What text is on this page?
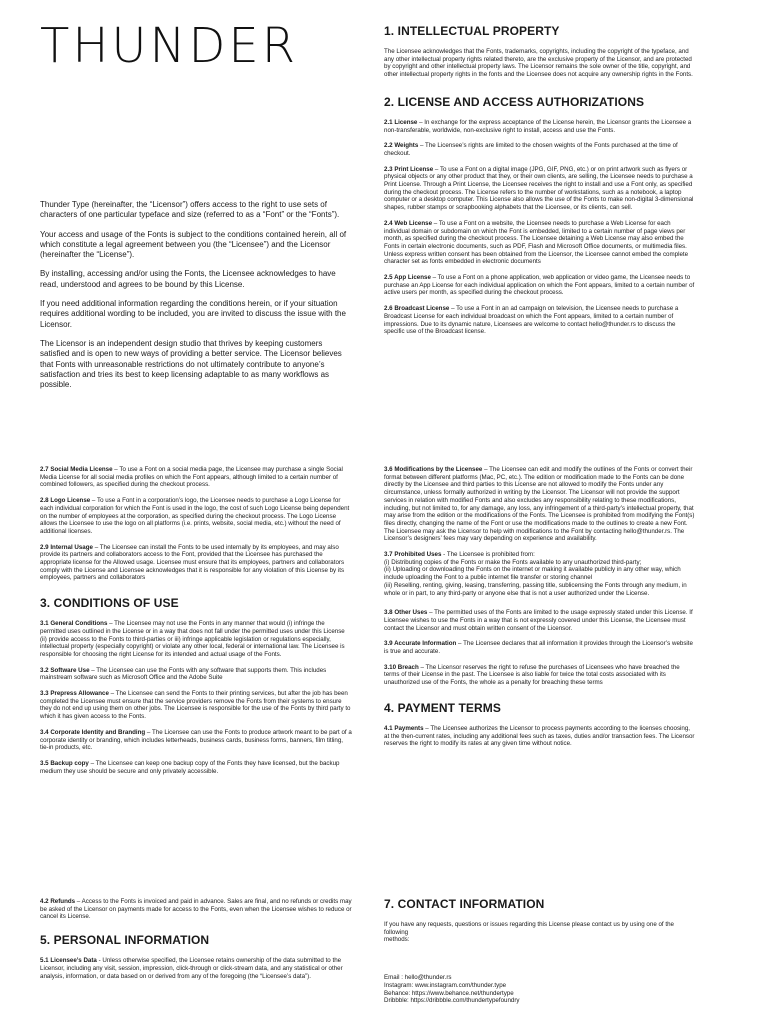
THUNDER

Thunder Type (hereinafter, the “Licensor”) offers access to the right to use sets of characters of one particular typeface and size (referred to as a “Font” or the “Fonts”).

Your access and usage of the Fonts is subject to the conditions contained herein, all of which constitute a legal agreement between you (the “Licensee”) and the Licensor (hereinafter the “License”).

By installing, accessing and/or using the Fonts, the Licensee acknowledges to have read, understood and agrees to be bound by this License.

If you need additional information regarding the conditions herein, or if your situation requires additional wording to be included, you are invited to discuss the issue with the Licensor.

The Licensor is an independent design studio that thrives by keeping customers satisfied and is open to new ways of providing a better service. The Licensor believes that Fonts with unreasonable restrictions do not ultimately contribute to anyone’s satisfaction and tries its best to keep licensing adaptable to as many workflows as possible.

1. INTELLECTUAL PROPERTY

The Licensee acknowledges that the Fonts, trademarks, copyrights, including the copyright of the typeface, and any other intellectual property rights related thereto, are the exclusive property of the Licensor, and are protected by copyright and other intellectual property laws. The Licensor remains the sole owner of the title, copyright, and other intellectual property rights in the fonts and the Licensee does not acquire any ownership rights in the Fonts.

2. LICENSE AND ACCESS AUTHORIZATIONS

2.1 License – In exchange for the express acceptance of the License herein, the Licensor grants the Licensee a non-transferable, worldwide, non-exclusive right to install, access and use the Fonts.

2.2 Weights – The Licensee’s rights are limited to the chosen weights of the Fonts purchased at the time of checkout.

2.3 Print License – To use a Font on a digital image (JPG, GIF, PNG, etc.) or on print artwork such as flyers or physical objects or any other product that they, or their own clients, are selling, the Licensee needs to purchase a Print License. Through a Print License, the Licensee receives the right to install and use a Font only, as specified during the checkout process. The License refers to the number of workstations, such as a notebook, a laptop computer or a desktop computer. This License also allows the use of the Fonts to make non-digital 3-dimensional shapes, rubber stamps or scrapbooking alphabets that the Licensee, or its clients, can sell.

2.4 Web License – To use a Font on a website, the Licensee needs to purchase a Web License for each individual domain or subdomain on which the Font is embedded, limited to a certain number of page views per month, as specified during the checkout process. The Licensee detaining a Web License may also embed the Fonts in certain electronic documents, such as PDF, Flash and Microsoft Office documents, or multimedia files. Unless express written consent has been obtained from the Licensor, the Licensee cannot embed the complete character set as fonts embedded in electronic documents

2.5 App License – To use a Font on a phone application, web application or video game, the Licensee needs to purchase an App License for each individual application on which the Font appears, limited to a certain number of active users per month, as specified during the checkout process.

2.6 Broadcast License – To use a Font in an ad campaign on television, the Licensee needs to purchase a Broadcast License for each individual broadcast on which the Font appears, limited to a certain number of impressions. Due to its dynamic nature, Licensees are welcome to contact hello@thunder.rs to discuss the specific use of the Broadcast license.

2.7 Social Media License – To use a Font on a social media page, the Licensee may purchase a single Social Media License for all social media profiles on which the Font appears, although limited to a certain number of combined followers, as specified during the checkout process.

2.8 Logo License – To use a Font in a corporation’s logo, the Licensee needs to purchase a Logo License for each individual corporation for which the Font is used in the logo, the cost of such Logo License being dependent on the number of employees at the corporation, as specified during the checkout process. The Logo License allows the Licensee to use the logo on all platforms (i.e. prints, website, social media, etc.) without the need of additional licenses.

2.9 Internal Usage – The Licensee can install the Fonts to be used internally by its employees, and may also provide its partners and collaborators access to the Font, provided that the Licensee has purchased the appropriate license for the Allowed usage. Licensee must ensure that its employees, partners and collaborators comply with the License and Licensee acknowledges that it is responsible for any violation of this License by its employees, partners and collaborators

3. CONDITIONS OF USE

3.1 General Conditions – The Licensee may not use the Fonts in any manner that would (i) infringe the permitted uses outlined in the License or in a way that does not fall under the permitted uses under this License (ii) provide access to the Fonts to third-parties or iii) infringe applicable legislation or regulations especially, intellectual property (especially copyright) or violate any other local, federal or international law. The Licensee is responsible for choosing the right License for its intended and actual usage of the Fonts.

3.2 Software Use – The Licensee can use the Fonts with any software that supports them. This includes mainstream software such as Microsoft Office and the Adobe Suite

3.3 Prepress Allowance – The Licensee can send the Fonts to their printing services, but after the job has been completed the Licensee must ensure that the service providers remove the Fonts from their systems to ensure they do not end up using them on other jobs. The Licensee is responsible for the use of the Fonts by third party to which it has given access to the Fonts.

3.4 Corporate Identity and Branding – The Licensee can use the Fonts to produce artwork meant to be part of a corporate identity or branding, which includes letterheads, business cards, business forms, banners, film titling, tie-in products, etc.

3.5 Backup copy – The Licensee can keep one backup copy of the Fonts they have licensed, but the backup medium they use should be secure and only privately accessible.

3.6 Modifications by the Licensee – The Licensee can edit and modify the outlines of the Fonts or convert their format between different platforms (Mac, PC, etc.). The edition or modification made to the Fonts can be done directly by the Licensee and third parties to this License are not allowed to modify the Fonts under any circumstance, unless formally authorized in writing by the Licensor. The Licensor will not provide the support services in relation with modified Fonts and also excludes any responsibility relating to these modifications, including, but not limited to, for any damage, any loss, any infringement of a third-party’s intellectual property, that may arise from the edition or the modifications of the Fonts. The Licensee is prohibited from modifying the Font(s) files directly, changing the name of the Font or use the modifications made to the outlines to create a new Font. The Licensee may ask the Licensor to help with modifications to the Font by contacting hello@thunder.rs. The Licensor’s designers’ fees may vary depending on experience and availability.

3.7 Prohibited Uses - The Licensee is prohibited from:
(i) Distributing copies of the Fonts or make the Fonts available to any unauthorized third-party;
(ii) Uploading or downloading the Fonts on the internet or making it available publicly in any other way, which include uploading the Font to a public internet file transfer or storing channel
(iii) Reselling, renting, giving, leasing, transferring, passing title, sublicensing the Fonts through any medium, in whole or in part, to any third-party or anyone else that is not a user authorized under the License.

3.8 Other Uses – The permitted uses of the Fonts are limited to the usage expressly stated under this License. If Licensee wishes to use the Fonts in a way that is not expressly covered under this License, the Licensee must contact the Licensor and must obtain written consent of the Licensor.

3.9 Accurate Information – The Licensee declares that all information it provides through the Licensor’s website is true and accurate.

3.10 Breach – The Licensor reserves the right to refuse the purchases of Licensees who have breached the terms of their License in the past. The Licensee is also liable for twice the total costs associated with its unauthorized use of the Fonts, the whole as a penalty for breaching these terms

4. PAYMENT TERMS

4.1 Payments – The Licensee authorizes the Licensor to process payments according to the licenses choosing, at the then-current rates, including any additional fees such as taxes, duties and/or transaction fees. The Licensor reserves the right to modify its rates at any given time without notice.

4.2 Refunds – Access to the Fonts is invoiced and paid in advance. Sales are final, and no refunds or credits may be asked of the Licensor on payments made for access to the Fonts, even when the Licensee wishes to reduce or cancel its License.

5. PERSONAL INFORMATION

5.1 Licensee’s Data - Unless otherwise specified, the Licensee retains ownership of the data submitted to the Licensor, including any visit, session, impression, click-through or click-stream data, and any statistical or other analysis, information, or data based on or derived from any of the foregoing (the “Licensee’s data”).

7. CONTACT INFORMATION

If you have any requests, questions or issues regarding this License please contact us by using one of the following
methods:

Email : hello@thunder.rs
Instagram: www.instagram.com/thunder.type
Behance: https://www.behance.net/thundertype
Dribbble: https://dribbble.com/thundertypefoundry
